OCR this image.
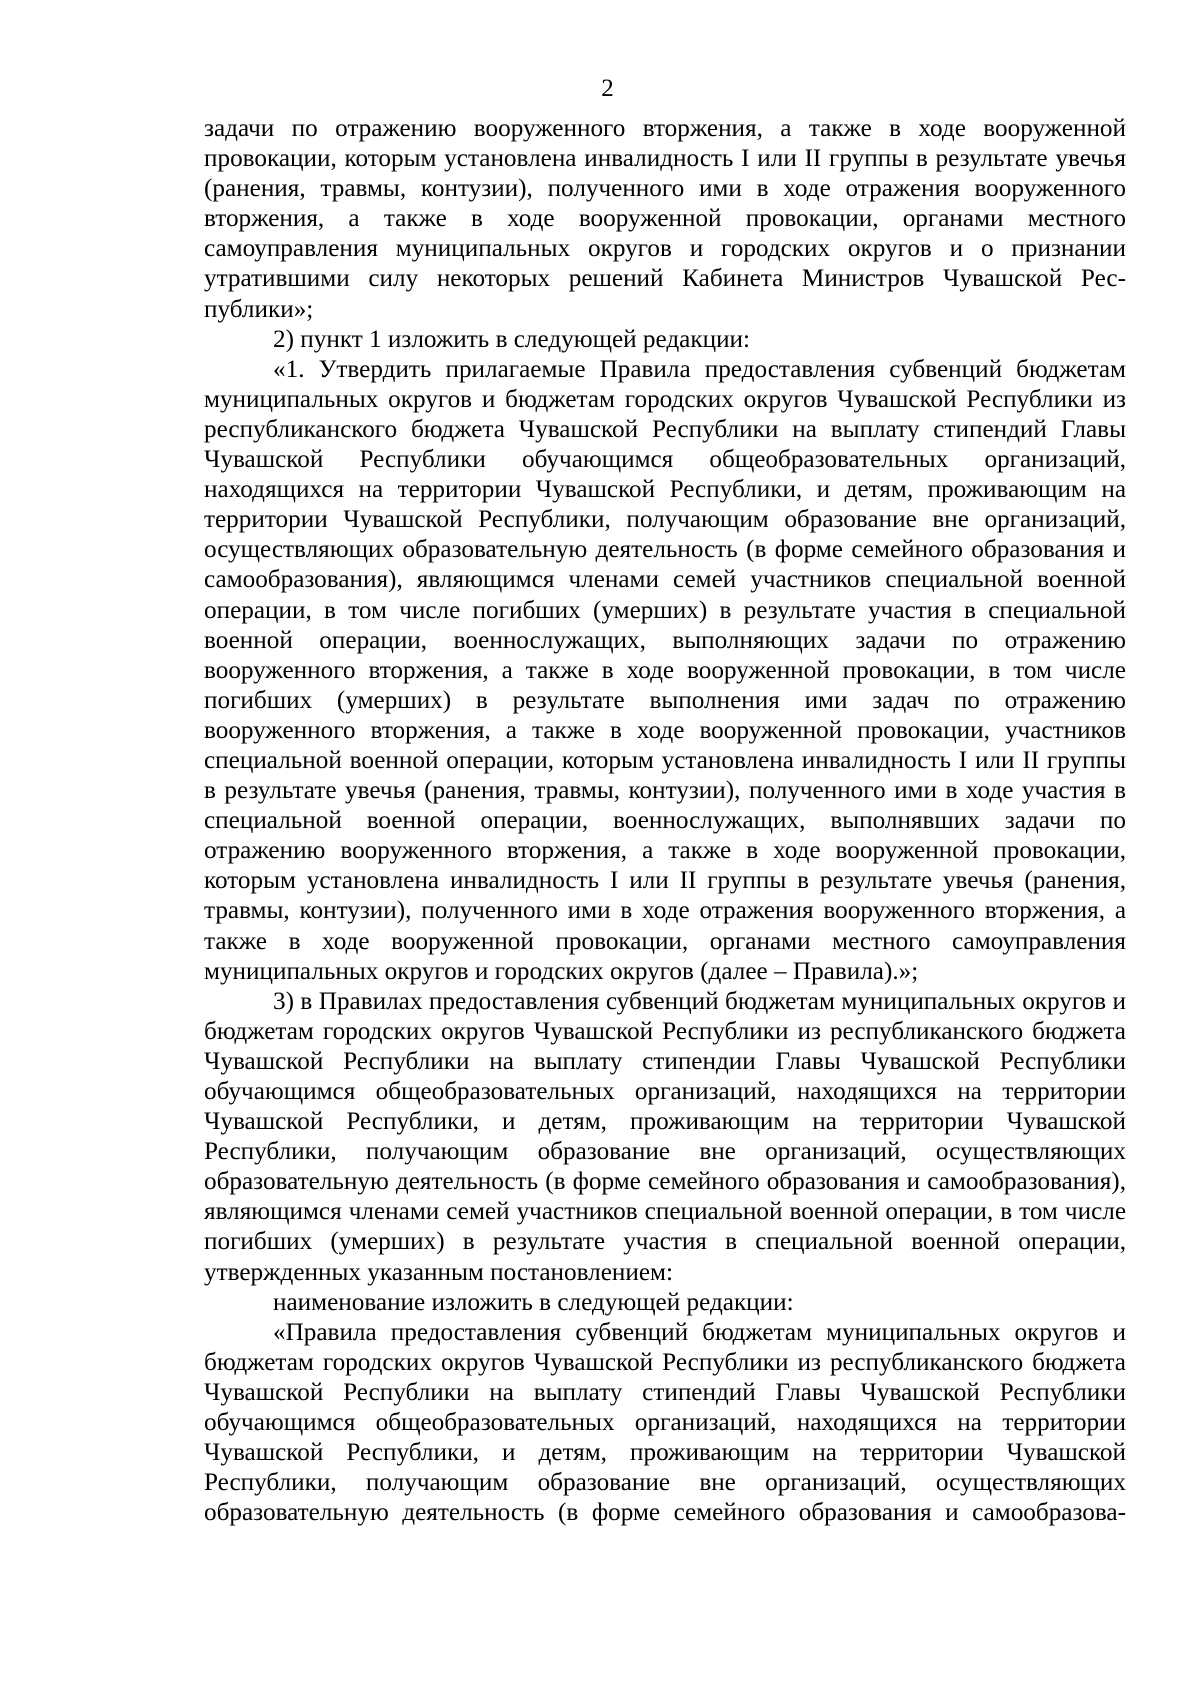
2

задачи по отражению вооруженного вторжения, а также в ходе вооруженной провокации, которым установлена инвалидность I или II группы в результате увечья (ранения, травмы, контузии), полученного ими в ходе отражения вооруженного вторжения, а также в ходе вооруженной провокации, органами местного самоуправления муниципальных округов и городских округов и о признании утратившими силу некоторых решений Кабинета Министров Чувашской Республики»;

2) пункт 1 изложить в следующей редакции:

«1. Утвердить прилагаемые Правила предоставления субвенций бюджетам муниципальных округов и бюджетам городских округов Чувашской Республики из республиканского бюджета Чувашской Республики на выплату стипендий Главы Чувашской Республики обучающимся общеобразовательных организаций, находящихся на территории Чувашской Республики, и детям, проживающим на территории Чувашской Республики, получающим образование вне организаций, осуществляющих образовательную деятельность (в форме семейного образования и самообразования), являющимся членами семей участников специальной военной операции, в том числе погибших (умерших) в результате участия в специальной военной операции, военнослужащих, выполняющих задачи по отражению вооруженного вторжения, а также в ходе вооруженной провокации, в том числе погибших (умерших) в результате выполнения ими задач по отражению вооруженного вторжения, а также в ходе вооруженной провокации, участников специальной военной операции, которым установлена инвалидность I или II группы в результате увечья (ранения, травмы, контузии), полученного ими в ходе участия в специальной военной операции, военнослужащих, выполнявших задачи по отражению вооруженного вторжения, а также в ходе вооруженной провокации, которым установлена инвалидность I или II группы в результате увечья (ранения, травмы, контузии), полученного ими в ходе отражения вооруженного вторжения, а также в ходе вооруженной провокации, органами местного самоуправления муниципальных округов и городских округов (далее – Правила).»;

3) в Правилах предоставления субвенций бюджетам муниципальных округов и бюджетам городских округов Чувашской Республики из республиканского бюджета Чувашской Республики на выплату стипендии Главы Чувашской Республики обучающимся общеобразовательных организаций, находящихся на территории Чувашской Республики, и детям, проживающим на территории Чувашской Республики, получающим образование вне организаций, осуществляющих образовательную деятельность (в форме семейного образования и самообразования), являющимся членами семей участников специальной военной операции, в том числе погибших (умерших) в результате участия в специальной военной операции, утвержденных указанным постановлением:

наименование изложить в следующей редакции:

«Правила предоставления субвенций бюджетам муниципальных округов и бюджетам городских округов Чувашской Республики из республиканского бюджета Чувашской Республики на выплату стипендий Главы Чувашской Республики обучающимся общеобразовательных организаций, находящихся на территории Чувашской Республики, и детям, проживающим на территории Чувашской Республики, получающим образование вне организаций, осуществляющих образовательную деятельность (в форме семейного образования и самообразова-
